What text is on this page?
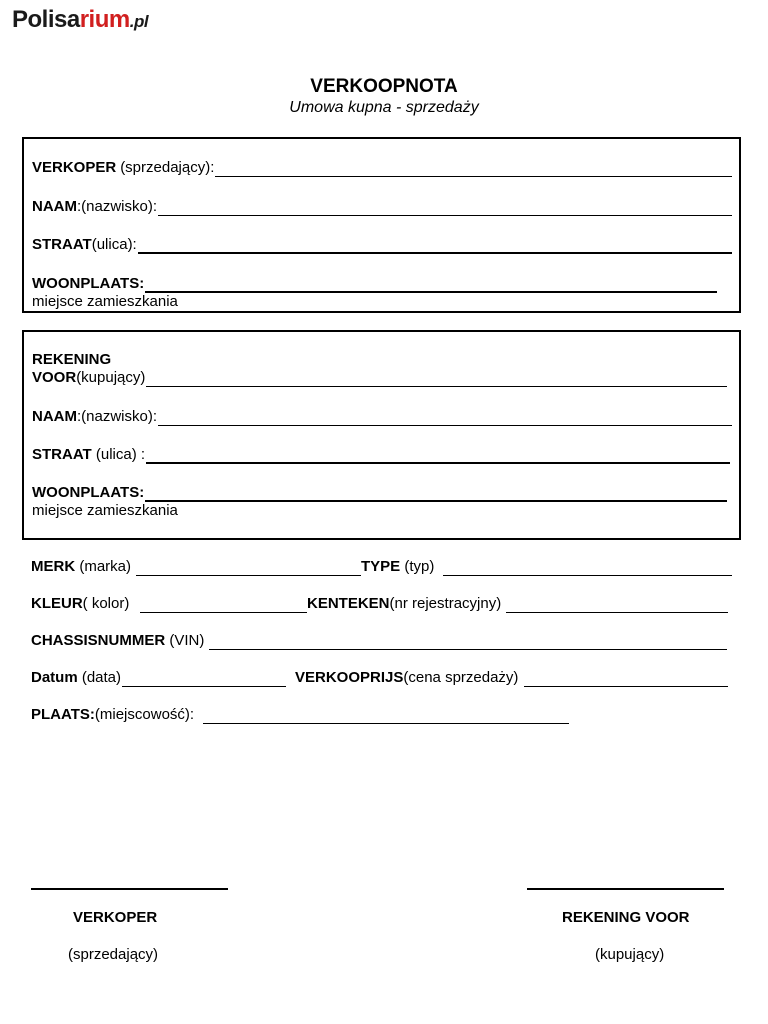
Polisarium.pl
VERKOOPNOTA
Umowa kupna - sprzedaży
VERKOPER (sprzedający):
NAAM :(nazwisko):
STRAAT (ulica):
WOONPLAATS:
miejsce zamieszkania
REKENING
VOOR (kupujący)
NAAM :(nazwisko):
STRAAT (ulica) :
WOONPLAATS:
miejsce zamieszkania
MERK (marka)	TYPE (typ)
KLEUR ( kolor)	KENTEKEN (nr rejestracyjny)
CHASSISNUMMER (VIN)
Datum (data)	VERKOOPRIJS (cena sprzedaży)
PLAATS: (miejscowość):
VERKOPER	REKENING VOOR
(sprzedający)	(kupujący)
